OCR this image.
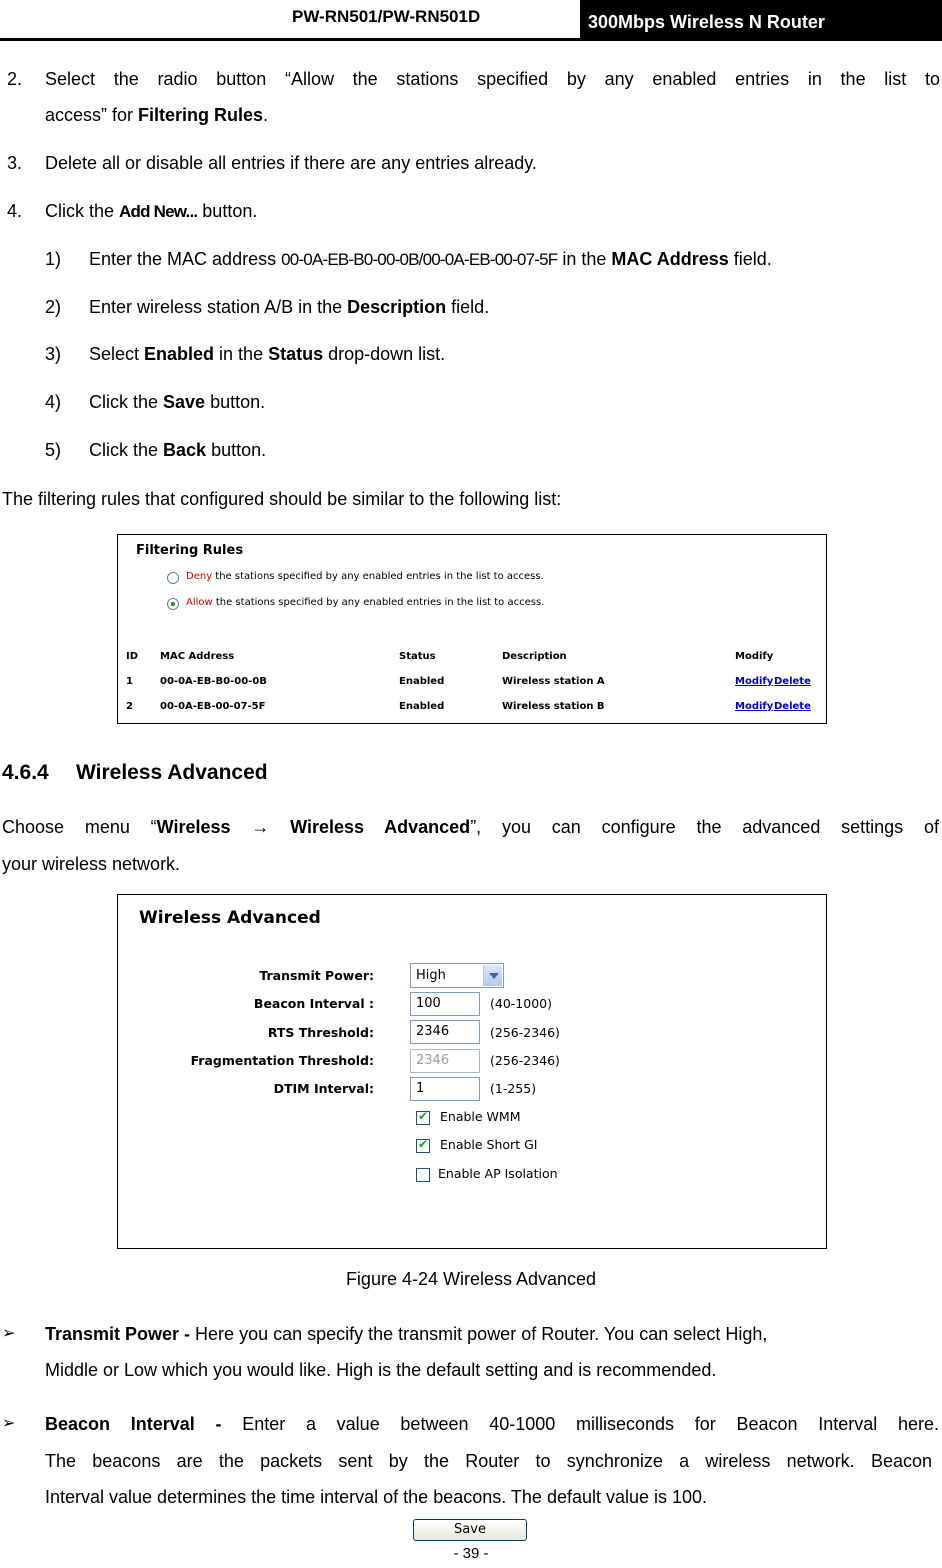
PW-RN501/PW-RN501D	300Mbps Wireless N Router
2. Select the radio button “Allow the stations specified by any enabled entries in the list to
access” for Filtering Rules.
3. Delete all or disable all entries if there are any entries already.
4. Click the Add New... button.
1) Enter the MAC address 00-0A-EB-B0-00-0B/00-0A-EB-00-07-5F in the MAC Address field.
2) Enter wireless station A/B in the Description field.
3) Select Enabled in the Status drop-down list.
4) Click the Save button.
5) Click the Back button.
The filtering rules that configured should be similar to the following list:
Filtering Rules
Deny the stations specified by any enabled entries in the list to access.
Allow the stations specified by any enabled entries in the list to access.
ID MAC Address	Status	Description	Modify
1	00-0A-EB-B0-00-0B	Enabled	Wireless station A	Modify Delete
2	00-0A-EB-00-07-5F	Enabled	Wireless station B	Modify Delete
4.6.4 Wireless Advanced
Choose menu “Wireless → Wireless Advanced”, you can configure the advanced settings of
your wireless network.
Wireless Advanced
Transmit Power:	High
Beacon Interval :	100	(40-1000)
RTS Threshold:	2346	(256-2346)
Fragmentation Threshold:	2346	(256-2346)
DTIM Interval:	1	(1-255)
✔
Enable WMM
✔
Enable Short GI
Enable AP Isolation
Save
Figure 4-24 Wireless Advanced
➢ Transmit Power - Here you can specify the transmit power of Router. You can select High,
Middle or Low which you would like. High is the default setting and is recommended.
➢ Beacon Interval - Enter a value between 40-1000 milliseconds for Beacon Interval here.
The beacons are the packets sent by the Router to synchronize a wireless network. Beacon
Interval value determines the time interval of the beacons. The default value is 100.
- 39 -
